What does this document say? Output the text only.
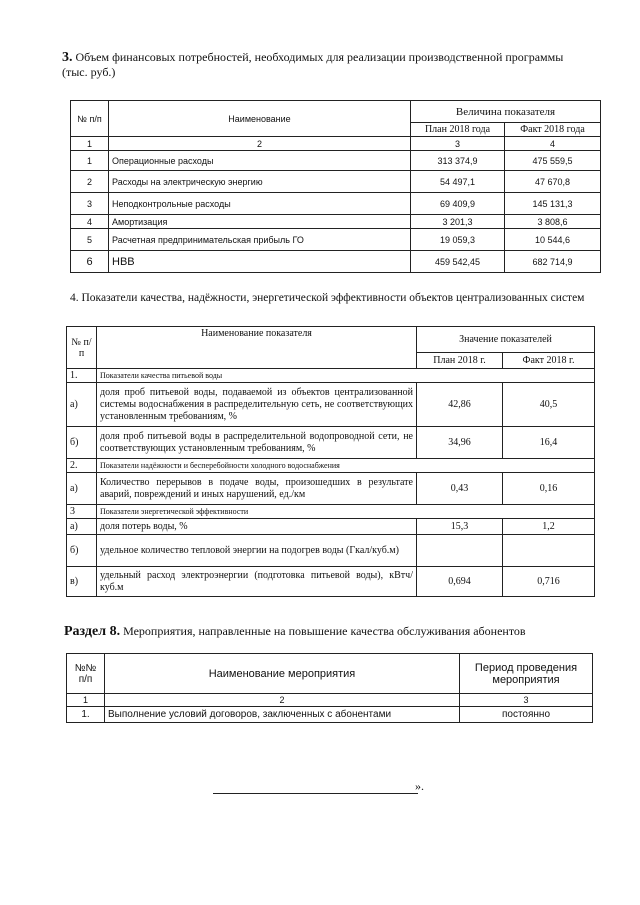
3. Объем финансовых потребностей, необходимых для реализации производственной программы
(тыс. руб.)
№ п/п	Наименование	Величина показателя	
		План 2018 года	Факт 2018 года
1	2	3	4
1	Операционные расходы	313 374,9	475 559,5
2	Расходы на электрическую энергию	54 497,1	47 670,8
3	Неподконтрольные расходы	69 409,9	145 131,3
4	Амортизация	3 201,3	3 808,6
5	Расчетная предпринимательская прибыль ГО	19 059,3	10 544,6
6	НВВ	459 542,45	682 714,9
4. Показатели качества, надёжности, энергетической эффективности объектов централизованных систем
№ п/п	Наименование показателя	Значение показателей	
		План 2018 г.	Факт 2018 г.
1.	Показатели качества питьевой воды		
а)	доля проб питьевой воды, подаваемой из объектов централизованной системы водоснабжения в распределительную сеть, не соответствующих установленным требованиям, %	42,86	40,5
б)	доля проб питьевой воды в распределительной водопроводной сети, не соответствующих установленным требованиям, %	34,96	16,4
2.	Показатели надёжности и бесперебойности холодного водоснабжения		
а)	Количество перерывов в подаче воды, произошедших в результате аварий, повреждений и иных нарушений, ед./км	0,43	0,16
3	Показатели энергетической эффективности		
а)	доля потерь воды, %	15,3	1,2
б)	удельное количество тепловой энергии на подогрев воды (Гкал/куб.м)		
в)	удельный расход электроэнергии (подготовка питьевой воды), кВтч/куб.м	0,694	0,716
Раздел 8. Мероприятия, направленные на повышение качества обслуживания абонентов
№№ п/п	Наименование мероприятия	Период проведения мероприятия
1	2	3
1.	Выполнение условий договоров, заключенных с абонентами	постоянно
».
